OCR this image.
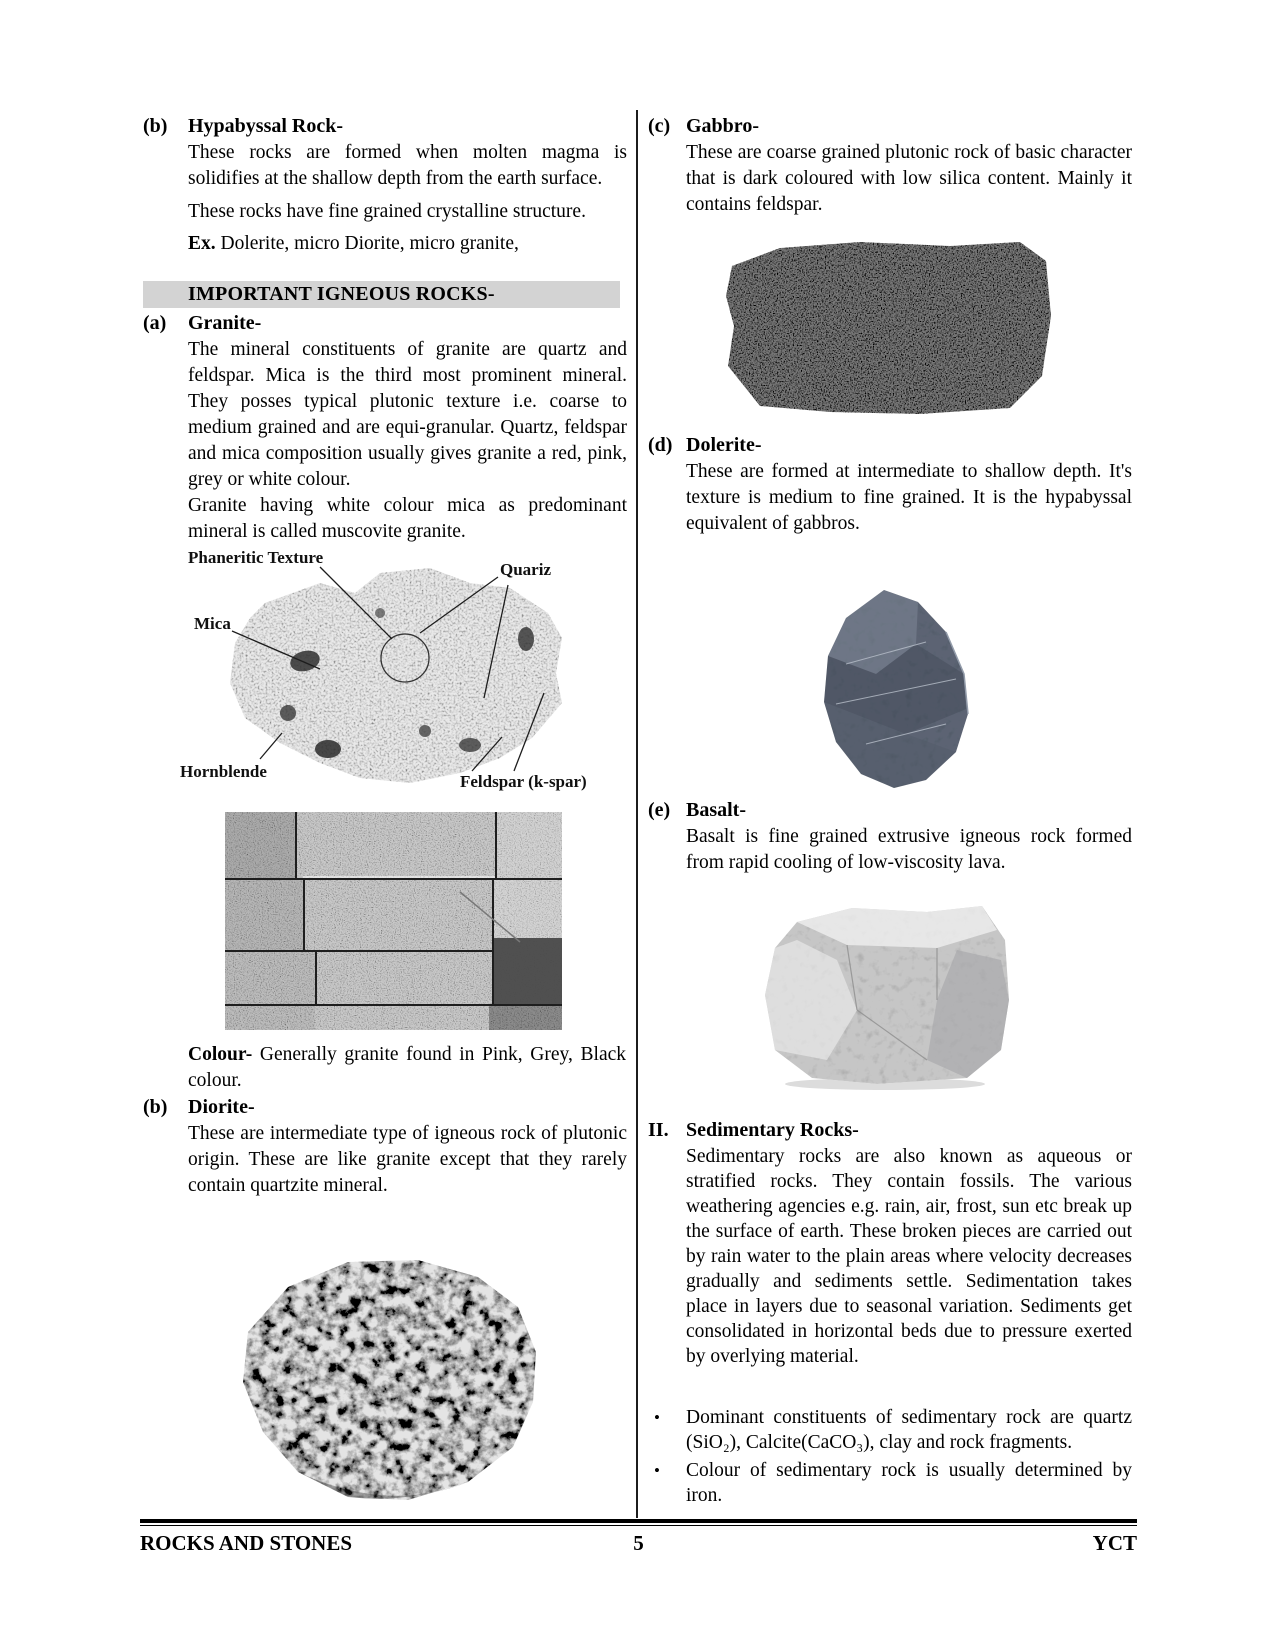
(b)	Hypabyssal Rock-

These rocks are formed when molten magma is solidifies at the shallow depth from the earth surface.

These rocks have fine grained crystalline structure.

Ex. Dolerite, micro Diorite, micro granite,

IMPORTANT IGNEOUS ROCKS-
(a)	Granite-

The mineral constituents of granite are quartz and feldspar. Mica is the third most prominent mineral. They posses typical plutonic texture i.e. coarse to medium grained and are equi-granular. Quartz, feldspar and mica composition usually gives granite a red, pink, grey or white colour.

Granite having white colour mica as predominant mineral is called muscovite granite.

Phaneritic Texture
Quariz
Mica
Hornblende
Feldspar (k-spar)
Colour- Generally granite found in Pink, Grey, Black colour.
(b)	Diorite-

These are intermediate type of igneous rock of plutonic origin. These are like granite except that they rarely contain quartzite mineral.

(c) Gabbro-

These are coarse grained plutonic rock of basic character that is dark coloured with low silica content. Mainly it contains feldspar.

(d) Dolerite-

These are formed at intermediate to shallow depth. It's texture is medium to fine grained. It is the hypabyssal equivalent of gabbros.

(e) Basalt-

Basalt is fine grained extrusive igneous rock formed from rapid cooling of low-viscosity lava.

II. Sedimentary Rocks-

Sedimentary rocks are also known as aqueous or stratified rocks. They contain fossils. The various weathering agencies e.g. rain, air, frost, sun etc break up the surface of earth. These broken pieces are carried out by rain water to the plain areas where velocity decreases gradually and sediments settle. Sedimentation takes place in layers due to seasonal variation. Sediments get consolidated in horizontal beds due to pressure exerted by overlying material.

•	Dominant constituents of sedimentary rock are quartz (SiO₂), Calcite(CaCO₃), clay and rock fragments.

•	Colour of sedimentary rock is usually determined by iron.

ROCKS AND STONES	5	YCT
